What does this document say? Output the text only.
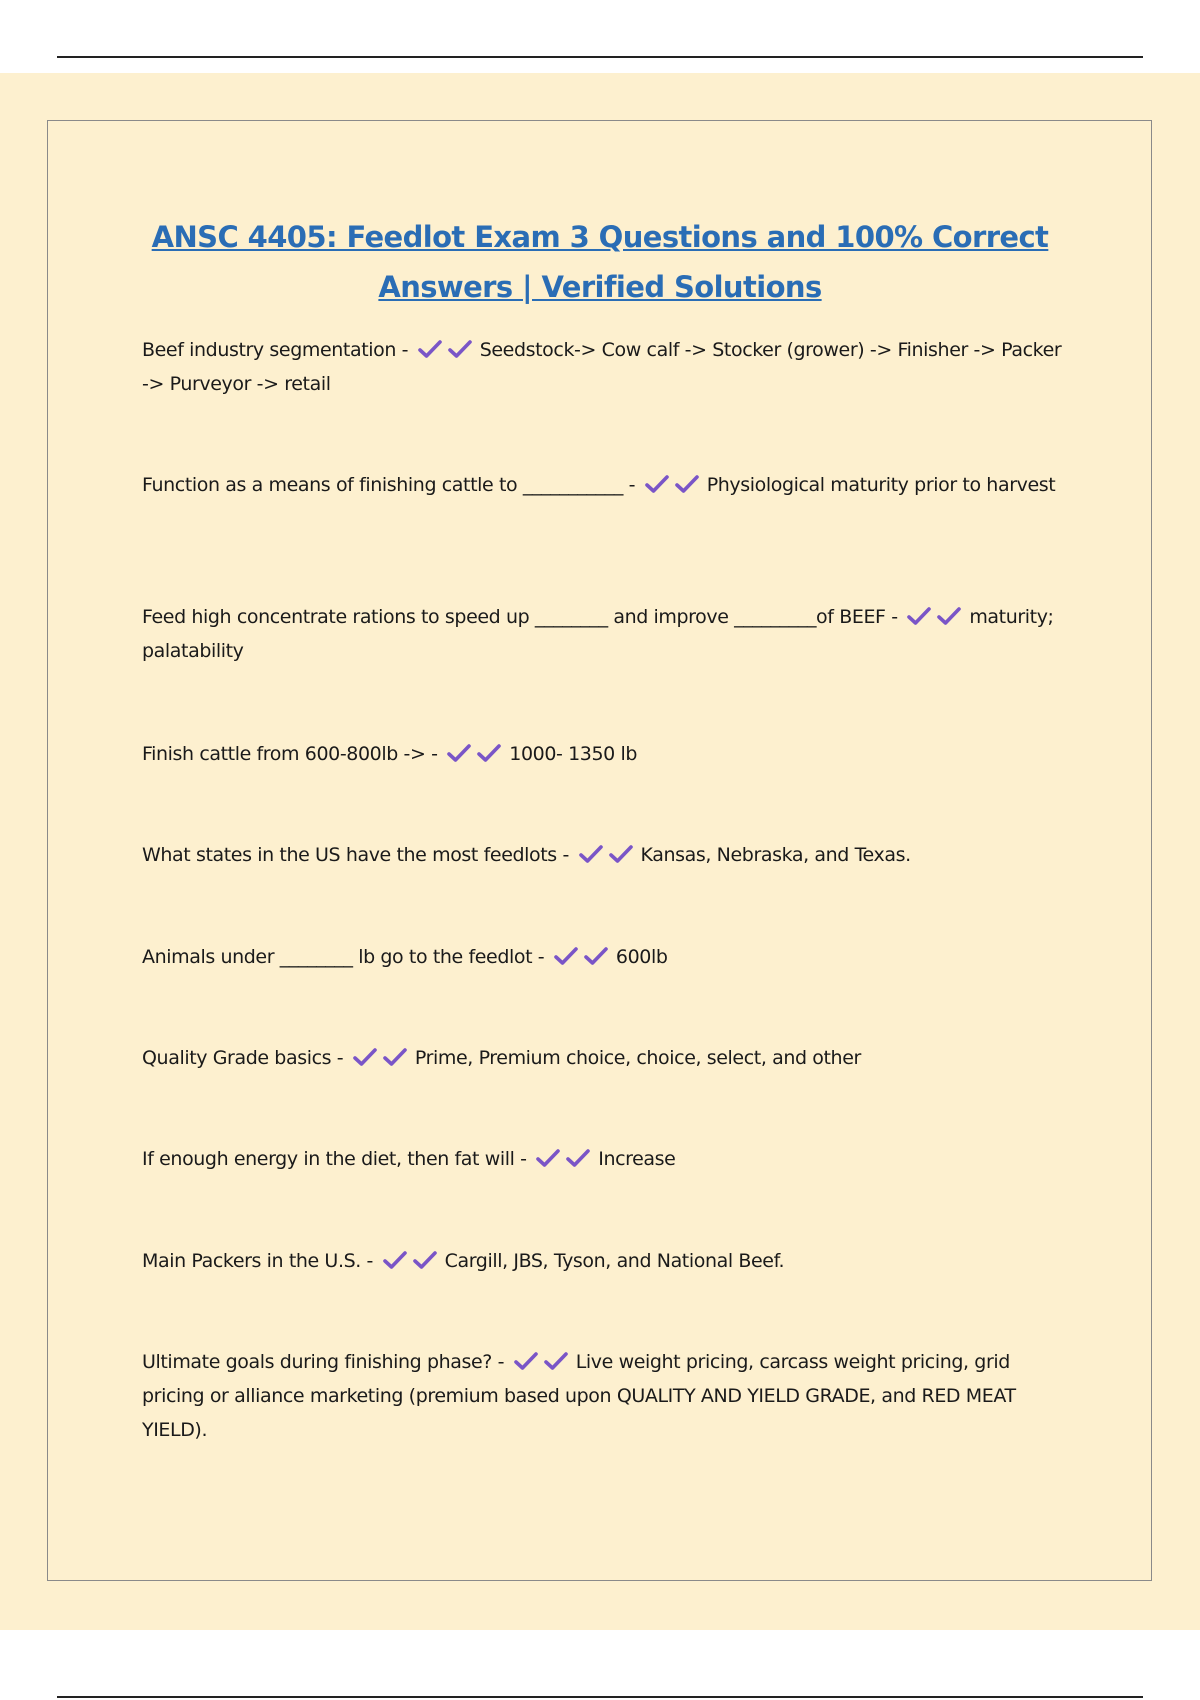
ANSC 4405: Feedlot Exam 3 Questions and 100% Correct Answers | Verified Solutions

Beef industry segmentation -	Seedstock-> Cow calf -> Stocker (grower) -> Finisher -> Packer -> Purveyor -> retail

Function as a means of finishing cattle to ___________ -	Physiological maturity prior to harvest

Feed high concentrate rations to speed up ________ and improve _________of BEEF -	maturity; palatability

Finish cattle from 600-800lb -> -	1000- 1350 lb

What states in the US have the most feedlots -	Kansas, Nebraska, and Texas.

Animals under ________ lb go to the feedlot -	600lb

Quality Grade basics -	Prime, Premium choice, choice, select, and other

If enough energy in the diet, then fat will -	Increase

Main Packers in the U.S. -	Cargill, JBS, Tyson, and National Beef.

Ultimate goals during finishing phase? -	Live weight pricing, carcass weight pricing, grid pricing or alliance marketing (premium based upon QUALITY AND YIELD GRADE, and RED MEAT YIELD).
